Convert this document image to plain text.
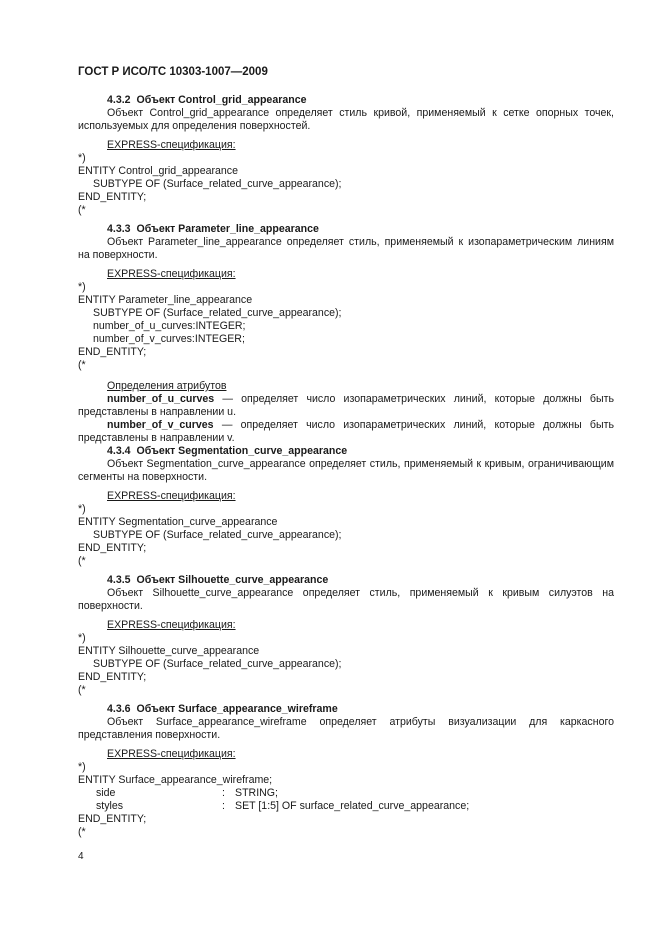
ГОСТ Р ИСО/ТС 10303-1007—2009

4.3.2 Объект Control_grid_appearance

Объект Control_grid_appearance определяет стиль кривой, применяемый к сетке опорных точек, используемых для определения поверхностей.

EXPRESS-спецификация:

*)
ENTITY Control_grid_appearance
SUBTYPE OF (Surface_related_curve_appearance);
END_ENTITY;
(*

4.3.3 Объект Parameter_line_appearance

Объект Parameter_line_appearance определяет стиль, применяемый к изопараметрическим линиям на поверхности.

EXPRESS-спецификация:

*)
ENTITY Parameter_line_appearance
SUBTYPE OF (Surface_related_curve_appearance);
number_of_u_curves:INTEGER;
number_of_v_curves:INTEGER;
END_ENTITY;
(*

Определения атрибутов

number_of_u_curves — определяет число изопараметрических линий, которые должны быть представлены в направлении u.

number_of_v_curves — определяет число изопараметрических линий, которые должны быть представлены в направлении v.

4.3.4 Объект Segmentation_curve_appearance

Объект Segmentation_curve_appearance определяет стиль, применяемый к кривым, ограничивающим сегменты на поверхности.

EXPRESS-спецификация:

*)
ENTITY Segmentation_curve_appearance
SUBTYPE OF (Surface_related_curve_appearance);
END_ENTITY;
(*

4.3.5 Объект Silhouette_curve_appearance

Объект Silhouette_curve_appearance определяет стиль, применяемый к кривым силуэтов на поверхности.

EXPRESS-спецификация:

*)
ENTITY Silhouette_curve_appearance
SUBTYPE OF (Surface_related_curve_appearance);
END_ENTITY;
(*

4.3.6 Объект Surface_appearance_wireframe

Объект Surface_appearance_wireframe определяет атрибуты визуализации для каркасного представления поверхности.

EXPRESS-спецификация:

*)
ENTITY Surface_appearance_wireframe;
side	: STRING;
styles	: SET [1:5] OF surface_related_curve_appearance;
END_ENTITY;
(*
4
